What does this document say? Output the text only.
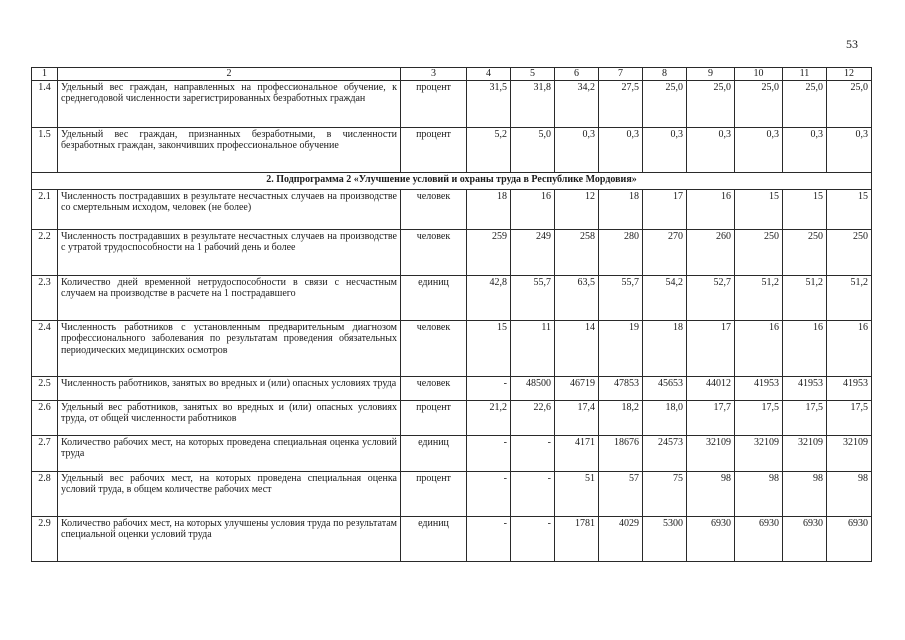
53
1	2	3	4	5	6	7	8	9	10	11	12
1.4	Удельный вес граждан, направленных на профессиональное обучение, к среднегодовой численности зарегистрированных безработных граждан	процент	31,5	31,8	34,2	27,5	25,0	25,0	25,0	25,0	25,0
1.5	Удельный вес граждан, признанных безработными, в численности безработных граждан, закончивших профессиональное обучение	процент	5,2	5,0	0,3	0,3	0,3	0,3	0,3	0,3	0,3
2. Подпрограмма 2 «Улучшение условий и охраны труда в Республике Мордовия»											
2.1	Численность пострадавших в результате несчастных случаев на производстве со смертельным исходом, человек (не более)	человек	18	16	12	18	17	16	15	15	15
2.2	Численность пострадавших в результате несчастных случаев на производстве с утратой трудоспособности на 1 рабочий день и более	человек	259	249	258	280	270	260	250	250	250
2.3	Количество дней временной нетрудоспособности в связи с несчастным случаем на производстве в расчете на 1 пострадавшего	единиц	42,8	55,7	63,5	55,7	54,2	52,7	51,2	51,2	51,2
2.4	Численность работников с установленным предварительным диагнозом профессионального заболевания по результатам проведения обязательных периодических медицинских осмотров	человек	15	11	14	19	18	17	16	16	16
2.5	Численность работников, занятых во вредных и (или) опасных условиях труда	человек	-	48500	46719	47853	45653	44012	41953	41953	41953
2.6	Удельный вес работников, занятых во вредных и (или) опасных условиях труда, от общей численности работников	процент	21,2	22,6	17,4	18,2	18,0	17,7	17,5	17,5	17,5
2.7	Количество рабочих мест, на которых проведена специальная оценка условий труда	единиц	-	-	4171	18676	24573	32109	32109	32109	32109
2.8	Удельный вес рабочих мест, на которых проведена специальная оценка условий труда, в общем количестве рабочих мест	процент	-	-	51	57	75	98	98	98	98
2.9	Количество рабочих мест, на которых улучшены условия труда по результатам специальной оценки условий труда	единиц	-	-	1781	4029	5300	6930	6930	6930	6930
